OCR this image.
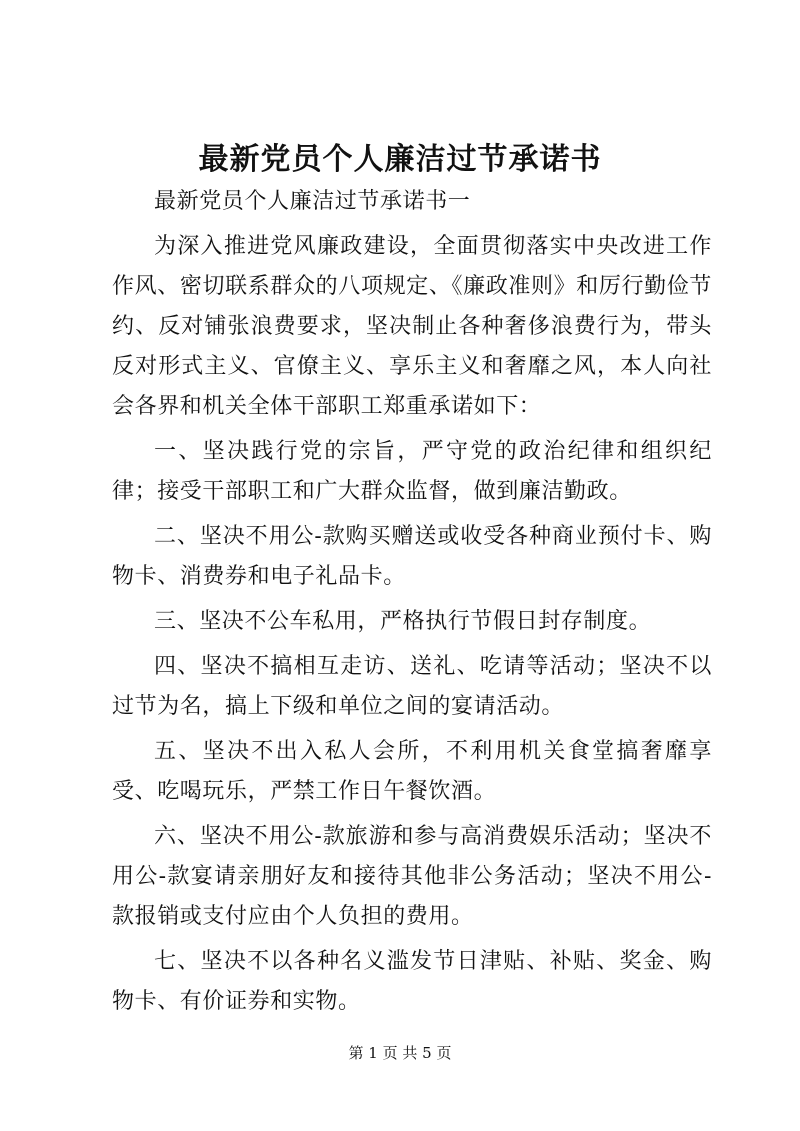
最新党员个人廉洁过节承诺书

最新党员个人廉洁过节承诺书一

为深入推进党风廉政建设，全面贯彻落实中央改进工作作风、密切联系群众的八项规定、《廉政准则》和厉行勤俭节约、反对铺张浪费要求，坚决制止各种奢侈浪费行为，带头反对形式主义、官僚主义、享乐主义和奢靡之风，本人向社会各界和机关全体干部职工郑重承诺如下：

一、坚决践行党的宗旨，严守党的政治纪律和组织纪律；接受干部职工和广大群众监督，做到廉洁勤政。

二、坚决不用公-款购买赠送或收受各种商业预付卡、购物卡、消费券和电子礼品卡。

三、坚决不公车私用，严格执行节假日封存制度。

四、坚决不搞相互走访、送礼、吃请等活动；坚决不以过节为名，搞上下级和单位之间的宴请活动。

五、坚决不出入私人会所，不利用机关食堂搞奢靡享受、吃喝玩乐，严禁工作日午餐饮酒。

六、坚决不用公-款旅游和参与高消费娱乐活动；坚决不用公-款宴请亲朋好友和接待其他非公务活动；坚决不用公-款报销或支付应由个人负担的费用。

七、坚决不以各种名义滥发节日津贴、补贴、奖金、购物卡、有价证券和实物。

第 1 页 共 5 页
